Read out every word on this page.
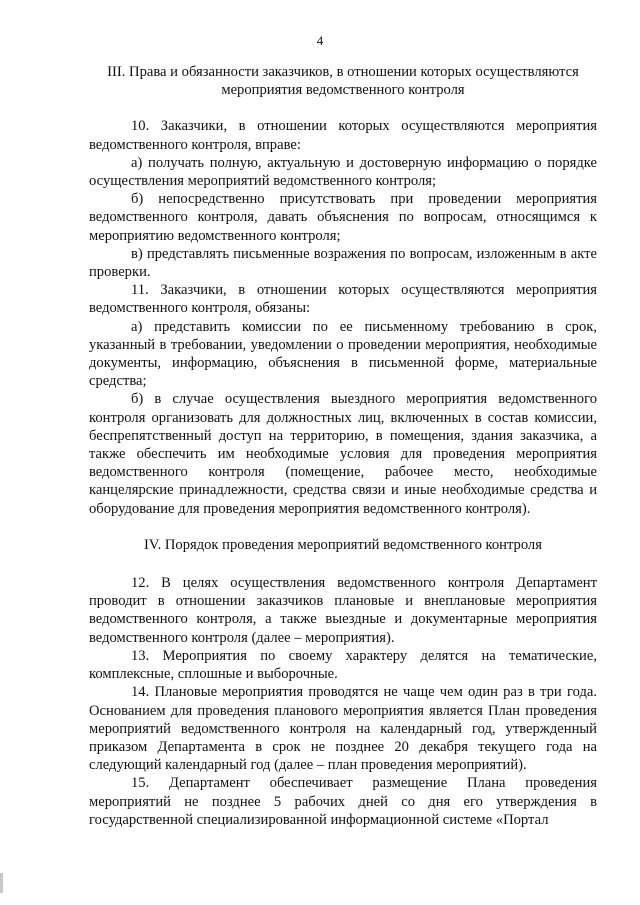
4
III. Права и обязанности заказчиков, в отношении которых осуществляются мероприятия ведомственного контроля

10. Заказчики, в отношении которых осуществляются мероприятия ведомственного контроля, вправе:

а) получать полную, актуальную и достоверную информацию о порядке осуществления мероприятий ведомственного контроля;

б) непосредственно присутствовать при проведении мероприятия ведомственного контроля, давать объяснения по вопросам, относящимся к мероприятию ведомственного контроля;

в) представлять письменные возражения по вопросам, изложенным в акте проверки.

11. Заказчики, в отношении которых осуществляются мероприятия ведомственного контроля, обязаны:

а) представить комиссии по ее письменному требованию в срок, указанный в требовании, уведомлении о проведении мероприятия, необходимые документы, информацию, объяснения в письменной форме, материальные средства;

б) в случае осуществления выездного мероприятия ведомственного контроля организовать для должностных лиц, включенных в состав комиссии, беспрепятственный доступ на территорию, в помещения, здания заказчика, а также обеспечить им необходимые условия для проведения мероприятия ведомственного контроля (помещение, рабочее место, необходимые канцелярские принадлежности, средства связи и иные необходимые средства и оборудование для проведения мероприятия ведомственного контроля).

IV. Порядок проведения мероприятий ведомственного контроля

12. В целях осуществления ведомственного контроля Департамент проводит в отношении заказчиков плановые и внеплановые мероприятия ведомственного контроля, а также выездные и документарные мероприятия ведомственного контроля (далее – мероприятия).

13. Мероприятия по своему характеру делятся на тематические, комплексные, сплошные и выборочные.

14. Плановые мероприятия проводятся не чаще чем один раз в три года. Основанием для проведения планового мероприятия является План проведения мероприятий ведомственного контроля на календарный год, утвержденный приказом Департамента в срок не позднее 20 декабря текущего года на следующий календарный год (далее – план проведения мероприятий).

15. Департамент обеспечивает размещение Плана проведения мероприятий не позднее 5 рабочих дней со дня его утверждения в государственной специализированной информационной системе «Портал
